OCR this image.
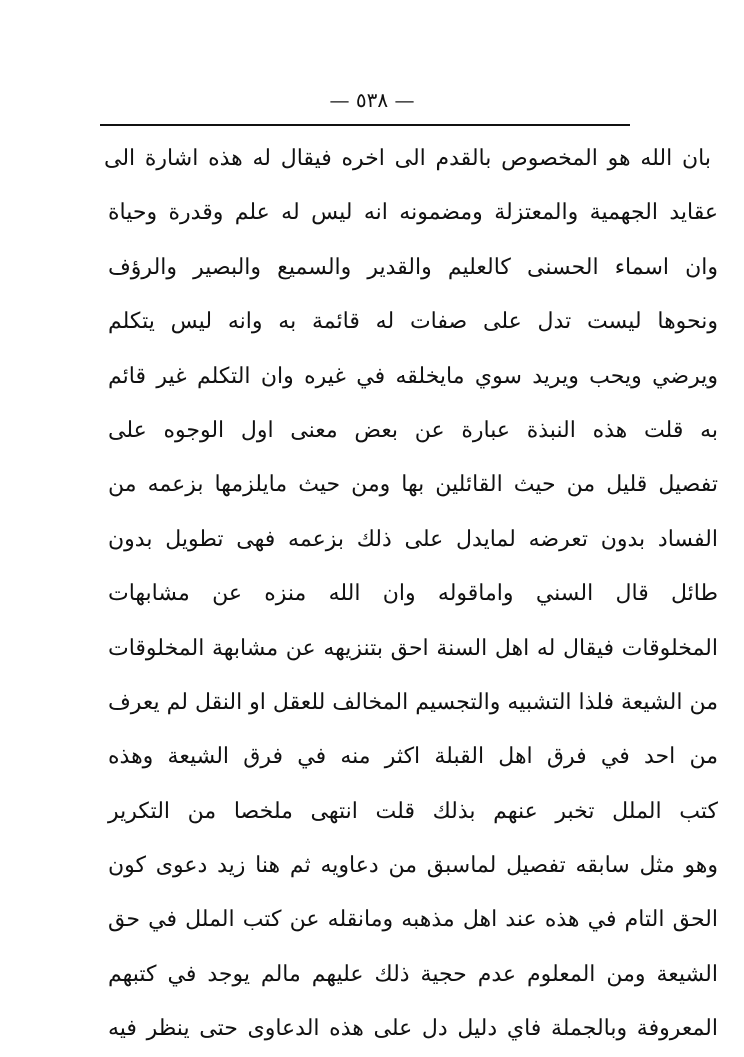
— ٥٣٨ —
بان الله هو المخصوص بالقدم الى اخره فيقال له هذه اشارة الى
عقايد الجهمية والمعتزلة ومضمونه انه ليس له علم وقدرة وحياة
وان اسماء الحسنى كالعليم والقدير والسميع والبصير والرؤف
ونحوها ليست تدل على صفات له قائمة به وانه ليس يتكلم
ويرضي ويحب ويريد سوي مايخلقه في غيره وان التكلم غير قائم
به قلت هذه النبذة عبارة عن بعض معنى اول الوجوه على
تفصيل قليل من حيث القائلين بها ومن حيث مايلزمها بزعمه من
الفساد بدون تعرضه لمايدل على ذلك بزعمه فهى تطويل بدون
طائل قال السني واماقوله وان الله منزه عن مشابهات
المخلوقات فيقال له اهل السنة احق بتنزيهه عن مشابهة المخلوقات
من الشيعة فلذا التشبيه والتجسيم المخالف للعقل او النقل لم يعرف
من احد في فرق اهل القبلة اكثر منه في فرق الشيعة وهذه
كتب الملل تخبر عنهم بذلك قلت انتهى ملخصا من التكرير
وهو مثل سابقه تفصيل لماسبق من دعاويه ثم هنا زيد دعوى كون
الحق التام في هذه عند اهل مذهبه ومانقله عن كتب الملل في حق
الشيعة ومن المعلوم عدم حجية ذلك عليهم مالم يوجد في كتبهم
المعروفة وبالجملة فاي دليل دل على هذه الدعاوى حتى ينظر فيه
